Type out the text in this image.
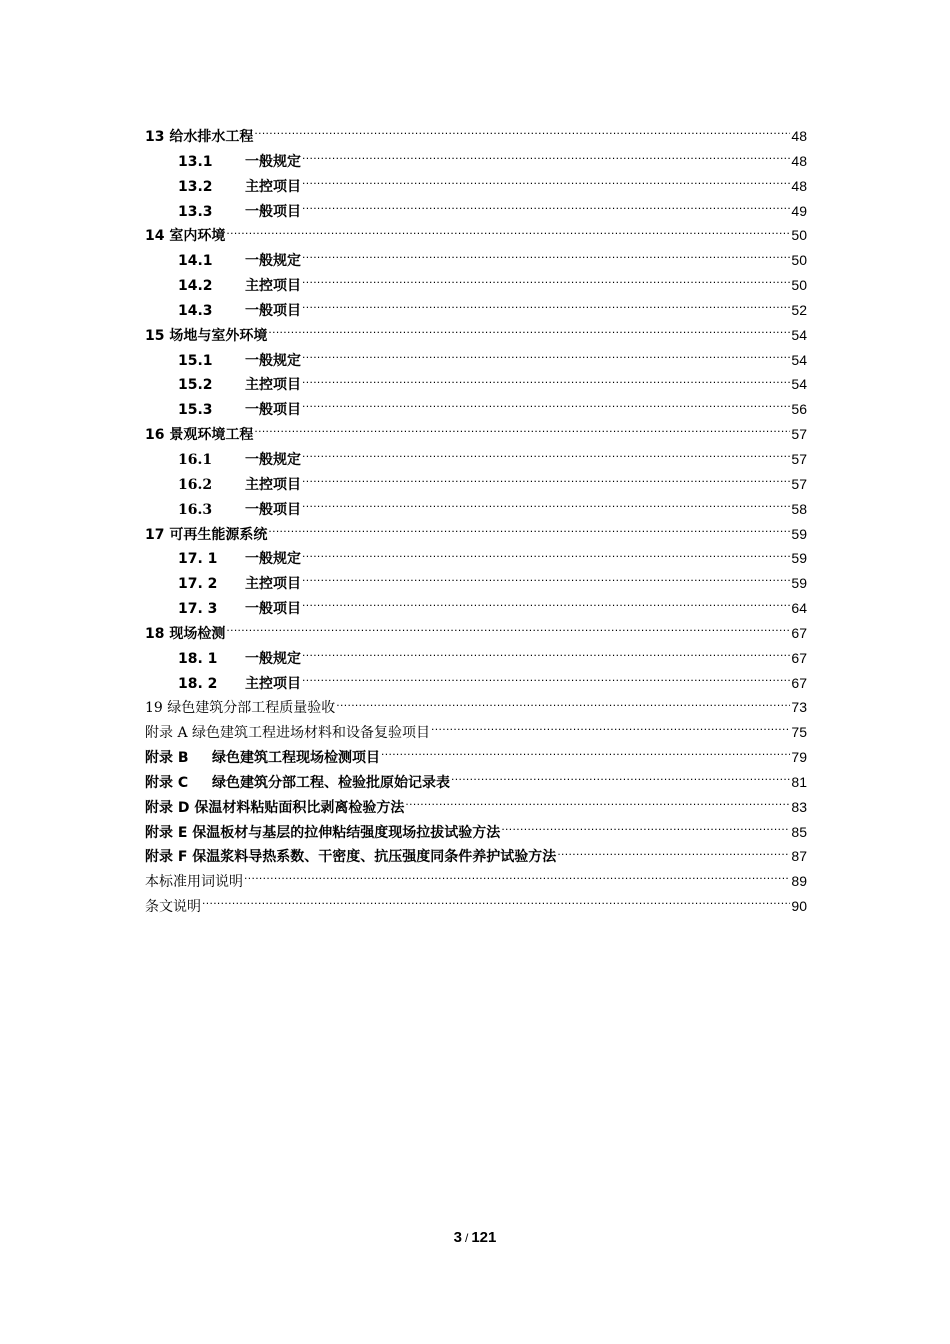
13 给水排水工程 .....	48
13.1	一般规定 .....	48
13.2	主控项目 .....	48
13.3	一般项目 .....	49
14 室内环境 .....	50
14.1	一般规定 .....	50
14.2	主控项目 .....	50
14.3	一般项目 .....	52
15 场地与室外环境 .....	54
15.1	一般规定 .....	54
15.2	主控项目 .....	54
15.3	一般项目 .....	56
16 景观环境工程 .....	57
16.1	一般规定 .....	57
16.2	主控项目 .....	57
16.3	一般项目 .....	58
17 可再生能源系统 .....	59
17. 1	一般规定 .....	59
17. 2	主控项目 .....	59
17. 3	一般项目 .....	64
18 现场检测 .....	67
18. 1	一般规定 .....	67
18. 2	主控项目 .....	67
19 绿色建筑分部工程质量验收 .....	73
附录 A 绿色建筑工程进场材料和设备复验项目 .....	75
附录 B	绿色建筑工程现场检测项目 .....	79
附录 C	绿色建筑分部工程、检验批原始记录表 .....	81
附录 D 保温材料粘贴面积比剥离检验方法 .....	83
附录 E 保温板材与基层的拉伸粘结强度现场拉拔试验方法 .....	85
附录 F 保温浆料导热系数、干密度、抗压强度同条件养护试验方法 .....	87
本标准用词说明 .....	89
条文说明 .....	90
3 / 121
